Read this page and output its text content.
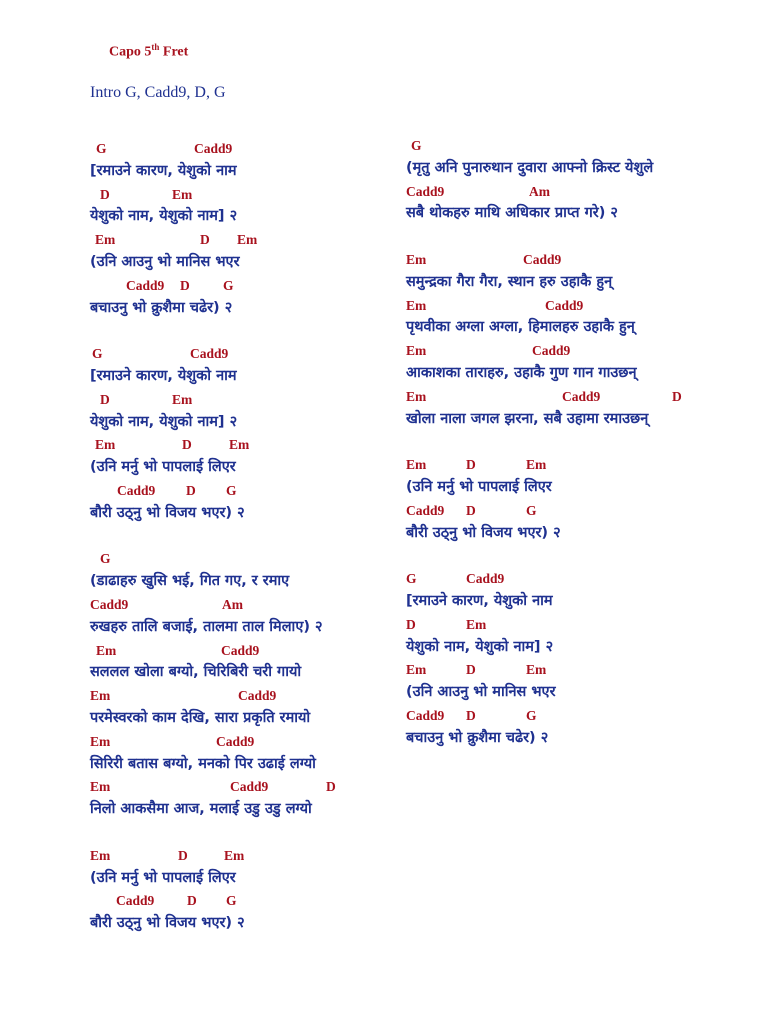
Capo 5th Fret
Intro G, Cadd9, D, G
G	Cadd9
[रमाउने कारण, येशुको नाम
D	Em
येशुको नाम, येशुको नाम] २
Em	D Em
(उनि आउनु भो मानिस भएर
Cadd9 D G
बचाउनु भो क्रुशैमा चढेर) २
G	Cadd9
[रमाउने कारण, येशुको नाम
D	Em
येशुको नाम, येशुको नाम] २
Em	D	Em
(उनि मर्नु भो पापलाई लिएर
Cadd9 D G
बौरी उठ्नु भो विजय भएर) २
G
(डाढाहरु खुसि भई, गित गए, र रमाए
Cadd9	Am
रुखहरु तालि बजाई, तालमा ताल मिलाए) २
Em	Cadd9
सललल खोला बग्यो, चिरिबिरी चरी गायो
Em	Cadd9
परमेस्वरको काम देखि, सारा प्रकृति रमायो
Em	Cadd9
सिरिरी बतास बग्यो, मनको पिर उढाई लग्यो
Em	Cadd9	D
निलो आकसैमा आज, मलाई उडु उडु लग्यो
Em	D	Em
(उनि मर्नु भो पापलाई लिएर
Cadd9 D G
बौरी उठ्नु भो विजय भएर) २
G
(मृतु अनि पुनारुथान दुवारा आफ्नो क्रिस्ट येशुले
Cadd9	Am
सबै थोकहरु माथि अधिकार प्राप्त गरे) २
Em	Cadd9
समुन्द्रका गैरा गैरा, स्थान हरु उहाकै हुन्
Em	Cadd9
पृथवीका अग्ला अग्ला, हिमालहरु उहाकै हुन्
Em	Cadd9
आकाशका ताराहरु, उहाकै गुण गान गाउछन्
Em	Cadd9	D
खोला नाला जगल झरना, सबै उहामा रमाउछन्
Em	D	Em
(उनि मर्नु भो पापलाई लिएर
Cadd9 D	G
बौरी उठ्नु भो विजय भएर) २
G	Cadd9
[रमाउने कारण, येशुको नाम
D	Em
येशुको नाम, येशुको नाम] २
Em	D	Em
(उनि आउनु भो मानिस भएर
Cadd9 D	G
बचाउनु भो क्रुशैमा चढेर) २
